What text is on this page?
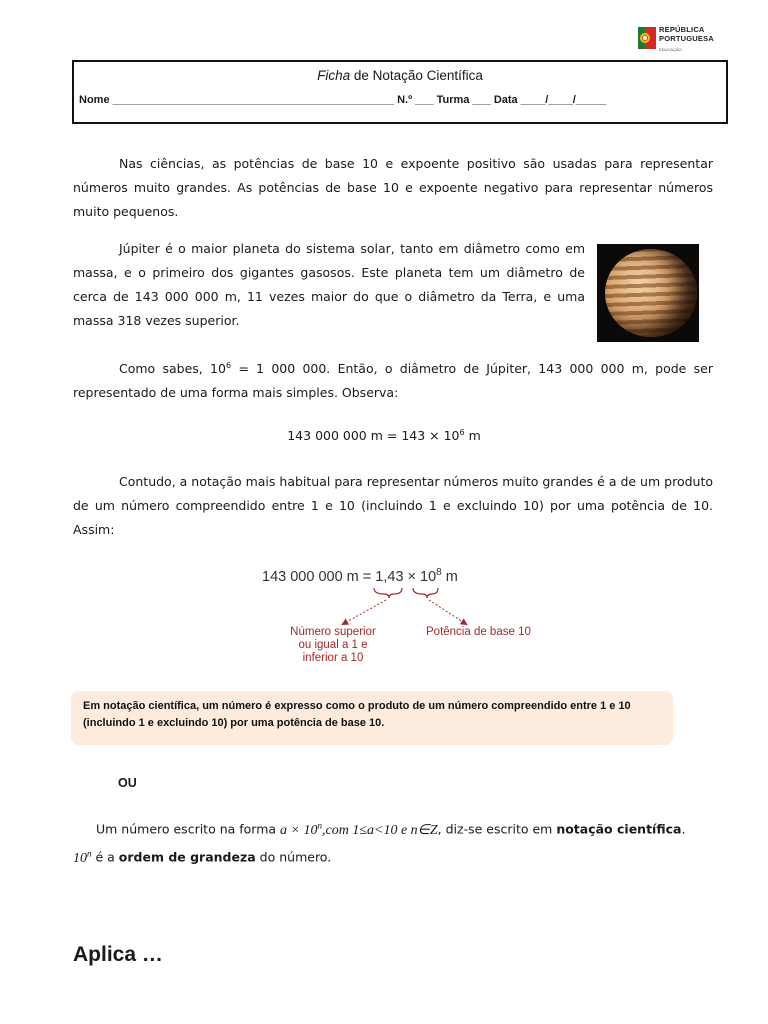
REPÚBLICA
PORTUGUESA
EDUCAÇÃO
Ficha de Notação Científica
Nome ______________________________________________ N.º ___ Turma ___ Data ____/____/_____
Nas ciências, as potências de base 10 e expoente positivo são usadas para representar números muito grandes. As potências de base 10 e expoente negativo para representar números muito pequenos.
Júpiter é o maior planeta do sistema solar, tanto em diâmetro como em massa, e o primeiro dos gigantes gasosos. Este planeta tem um diâmetro de cerca de 143 000 000 m, 11 vezes maior do que o diâmetro da Terra, e uma massa 318 vezes superior.
Como sabes, $10^6 = 1$ 000 000. Então, o diâmetro de Júpiter, 143 000 000 m, pode ser representado de uma forma mais simples. Observa:
143 000 000 $m = 143 \times 10^6$ m
Contudo, a notação mais habitual para representar números muito grandes é a de um produto de um número compreendido entre 1 e 10 (incluindo 1 e excluindo 10) por uma potência de 10. Assim:
143 000 000 $m = 1,43 \times 10^8$ m
Número superior ou igual a 1 e inferior a 10
Potência de base 10
Em notação científica, um número é expresso como o produto de um número compreendido entre 1 e 10 (incluindo 1 e excluindo 10) por uma potência de base 10.
OU
Um número escrito na forma $a \times 10^n,com$ 1≤a<10 e n∈Z, diz-se escrito em notação científica.
10$^n$ é a ordem de grandeza do número.
Aplica …
